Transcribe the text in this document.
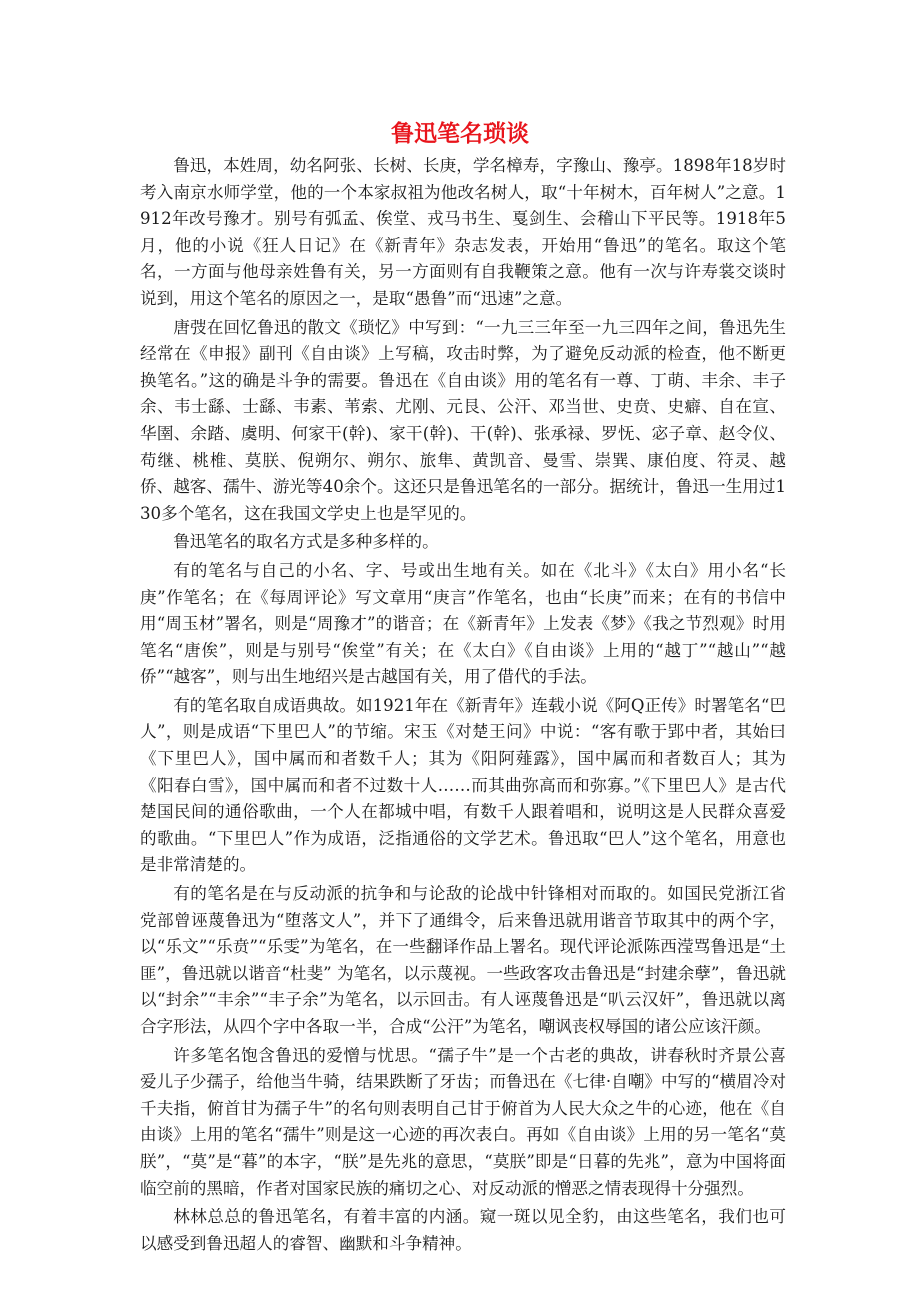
鲁迅笔名琐谈

鲁迅，本姓周，幼名阿张、长树、长庚，学名樟寿，字豫山、豫亭。1898年18岁时考入南京水师学堂，他的一个本家叔祖为他改名树人，取“十年树木，百年树人”之意。1912年改号豫才。别号有弧孟、俟堂、戎马书生、戛剑生、会稽山下平民等。1918年5月，他的小说《狂人日记》在《新青年》杂志发表，开始用“鲁迅”的笔名。取这个笔名，一方面与他母亲姓鲁有关，另一方面则有自我鞭策之意。他有一次与许寿裳交谈时说到，用这个笔名的原因之一，是取“愚鲁”而“迅速”之意。

唐弢在回忆鲁迅的散文《琐忆》中写到：“一九三三年至一九三四年之间，鲁迅先生经常在《申报》副刊《自由谈》上写稿，攻击时弊，为了避免反动派的检查，他不断更换笔名。”这的确是斗争的需要。鲁迅在《自由谈》用的笔名有一尊、丁萌、丰余、丰子余、韦士繇、士繇、韦素、苇索、尤刚、元艮、公汗、邓当世、史贲、史癖、自在宣、华圉、余踏、虞明、何家干(幹)、家干(幹)、干(幹)、张承禄、罗怃、宓子章、赵令仪、苟继、桃椎、莫朕、倪朔尔、朔尔、旅隼、黄凯音、曼雪、崇巽、康伯度、符灵、越侨、越客、孺牛、游光等40余个。这还只是鲁迅笔名的一部分。据统计，鲁迅一生用过130多个笔名，这在我国文学史上也是罕见的。

鲁迅笔名的取名方式是多种多样的。

有的笔名与自己的小名、字、号或出生地有关。如在《北斗》《太白》用小名“长庚”作笔名；在《每周评论》写文章用“庚言”作笔名，也由“长庚”而来；在有的书信中用“周玉材”署名，则是“周豫才”的谐音；在《新青年》上发表《梦》《我之节烈观》时用笔名“唐俟”，则是与别号“俟堂”有关；在《太白》《自由谈》上用的“越丁”“越山”“越侨”“越客”，则与出生地绍兴是古越国有关，用了借代的手法。

有的笔名取自成语典故。如1921年在《新青年》连载小说《阿Q正传》时署笔名“巴人”，则是成语“下里巴人”的节缩。宋玉《对楚王问》中说：“客有歌于郢中者，其始曰《下里巴人》，国中属而和者数千人；其为《阳阿薤露》，国中属而和者数百人；其为《阳春白雪》，国中属而和者不过数十人……而其曲弥高而和弥寡。”《下里巴人》是古代楚国民间的通俗歌曲，一个人在都城中唱，有数千人跟着唱和，说明这是人民群众喜爱的歌曲。“下里巴人”作为成语，泛指通俗的文学艺术。鲁迅取“巴人”这个笔名，用意也是非常清楚的。

有的笔名是在与反动派的抗争和与论敌的论战中针锋相对而取的。如国民党浙江省党部曾诬蔑鲁迅为“堕落文人”，并下了通缉令，后来鲁迅就用谐音节取其中的两个字，以“乐文”“乐贲”“乐雯”为笔名，在一些翻译作品上署名。现代评论派陈西滢骂鲁迅是“土匪”，鲁迅就以谐音“杜斐” 为笔名，以示蔑视。一些政客攻击鲁迅是“封建余孽”，鲁迅就以“封余”“丰余”“丰子余”为笔名，以示回击。有人诬蔑鲁迅是“叭云汉奸”，鲁迅就以离合字形法，从四个字中各取一半，合成“公汗”为笔名，嘲讽丧权辱国的诸公应该汗颜。

许多笔名饱含鲁迅的爱憎与忧思。“孺子牛”是一个古老的典故，讲春秋时齐景公喜爱儿子少孺子，给他当牛骑，结果跌断了牙齿；而鲁迅在《七律·自嘲》中写的“横眉冷对千夫指，俯首甘为孺子牛”的名句则表明自己甘于俯首为人民大众之牛的心迹，他在《自由谈》上用的笔名“孺牛”则是这一心迹的再次表白。再如《自由谈》上用的另一笔名“莫朕”，“莫”是“暮”的本字，“朕”是先兆的意思，“莫朕”即是“日暮的先兆”，意为中国将面临空前的黑暗，作者对国家民族的痛切之心、对反动派的憎恶之情表现得十分强烈。

林林总总的鲁迅笔名，有着丰富的内涵。窥一斑以见全豹，由这些笔名，我们也可以感受到鲁迅超人的睿智、幽默和斗争精神。
